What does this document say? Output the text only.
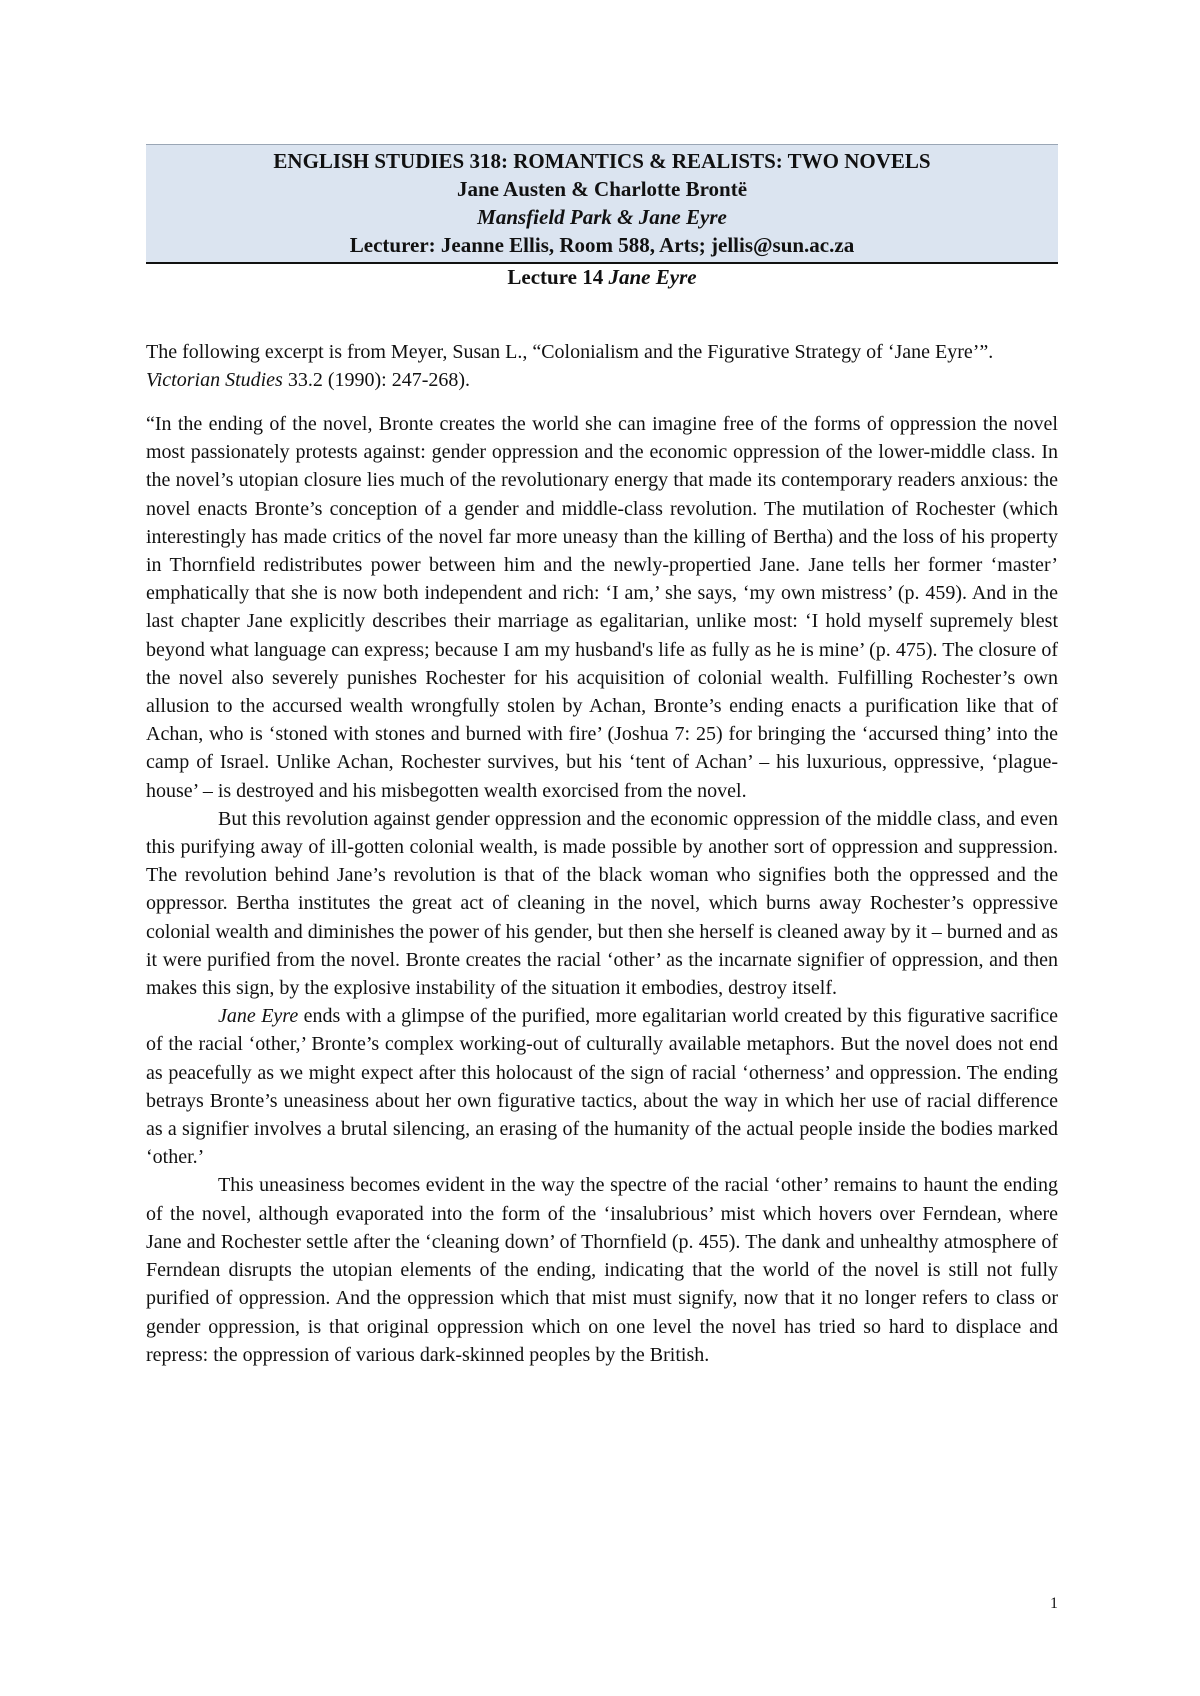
ENGLISH STUDIES 318: ROMANTICS & REALISTS: TWO NOVELS
Jane Austen & Charlotte Brontë
Mansfield Park & Jane Eyre
Lecturer: Jeanne Ellis, Room 588, Arts; jellis@sun.ac.za
Lecture 14 Jane Eyre
The following excerpt is from Meyer, Susan L., “Colonialism and the Figurative Strategy of ‘Jane Eyre’”. Victorian Studies 33.2 (1990): 247-268).

“In the ending of the novel, Bronte creates the world she can imagine free of the forms of oppression the novel most passionately protests against: gender oppression and the economic oppression of the lower-middle class. In the novel’s utopian closure lies much of the revolutionary energy that made its contemporary readers anxious: the novel enacts Bronte’s conception of a gender and middle-class revolution. The mutilation of Rochester (which interestingly has made critics of the novel far more uneasy than the killing of Bertha) and the loss of his property in Thornfield redistributes power between him and the newly-propertied Jane. Jane tells her former ‘master’ emphatically that she is now both independent and rich: ‘I am,’ she says, ‘my own mistress’ (p. 459). And in the last chapter Jane explicitly describes their marriage as egalitarian, unlike most: ‘I hold myself supremely blest beyond what language can express; because I am my husband's life as fully as he is mine’ (p. 475). The closure of the novel also severely punishes Rochester for his acquisition of colonial wealth. Fulfilling Rochester’s own allusion to the accursed wealth wrongfully stolen by Achan, Bronte’s ending enacts a purification like that of Achan, who is ‘stoned with stones and burned with fire’ (Joshua 7: 25) for bringing the ‘accursed thing’ into the camp of Israel. Unlike Achan, Rochester survives, but his ‘tent of Achan’ – his luxurious, oppressive, ‘plague-house’ – is destroyed and his misbegotten wealth exorcised from the novel.

But this revolution against gender oppression and the economic oppression of the middle class, and even this purifying away of ill-gotten colonial wealth, is made possible by another sort of oppression and suppression. The revolution behind Jane’s revolution is that of the black woman who signifies both the oppressed and the oppressor. Bertha institutes the great act of cleaning in the novel, which burns away Rochester’s oppressive colonial wealth and diminishes the power of his gender, but then she herself is cleaned away by it – burned and as it were purified from the novel. Bronte creates the racial ‘other’ as the incarnate signifier of oppression, and then makes this sign, by the explosive instability of the situation it embodies, destroy itself.

Jane Eyre ends with a glimpse of the purified, more egalitarian world created by this figurative sacrifice of the racial ‘other,’ Bronte’s complex working-out of culturally available metaphors. But the novel does not end as peacefully as we might expect after this holocaust of the sign of racial ‘otherness’ and oppression. The ending betrays Bronte’s uneasiness about her own figurative tactics, about the way in which her use of racial difference as a signifier involves a brutal silencing, an erasing of the humanity of the actual people inside the bodies marked ‘other.’

This uneasiness becomes evident in the way the spectre of the racial ‘other’ remains to haunt the ending of the novel, although evaporated into the form of the ‘insalubrious’ mist which hovers over Ferndean, where Jane and Rochester settle after the ‘cleaning down’ of Thornfield (p. 455). The dank and unhealthy atmosphere of Ferndean disrupts the utopian elements of the ending, indicating that the world of the novel is still not fully purified of oppression. And the oppression which that mist must signify, now that it no longer refers to class or gender oppression, is that original oppression which on one level the novel has tried so hard to displace and repress: the oppression of various dark-skinned peoples by the British.

1
